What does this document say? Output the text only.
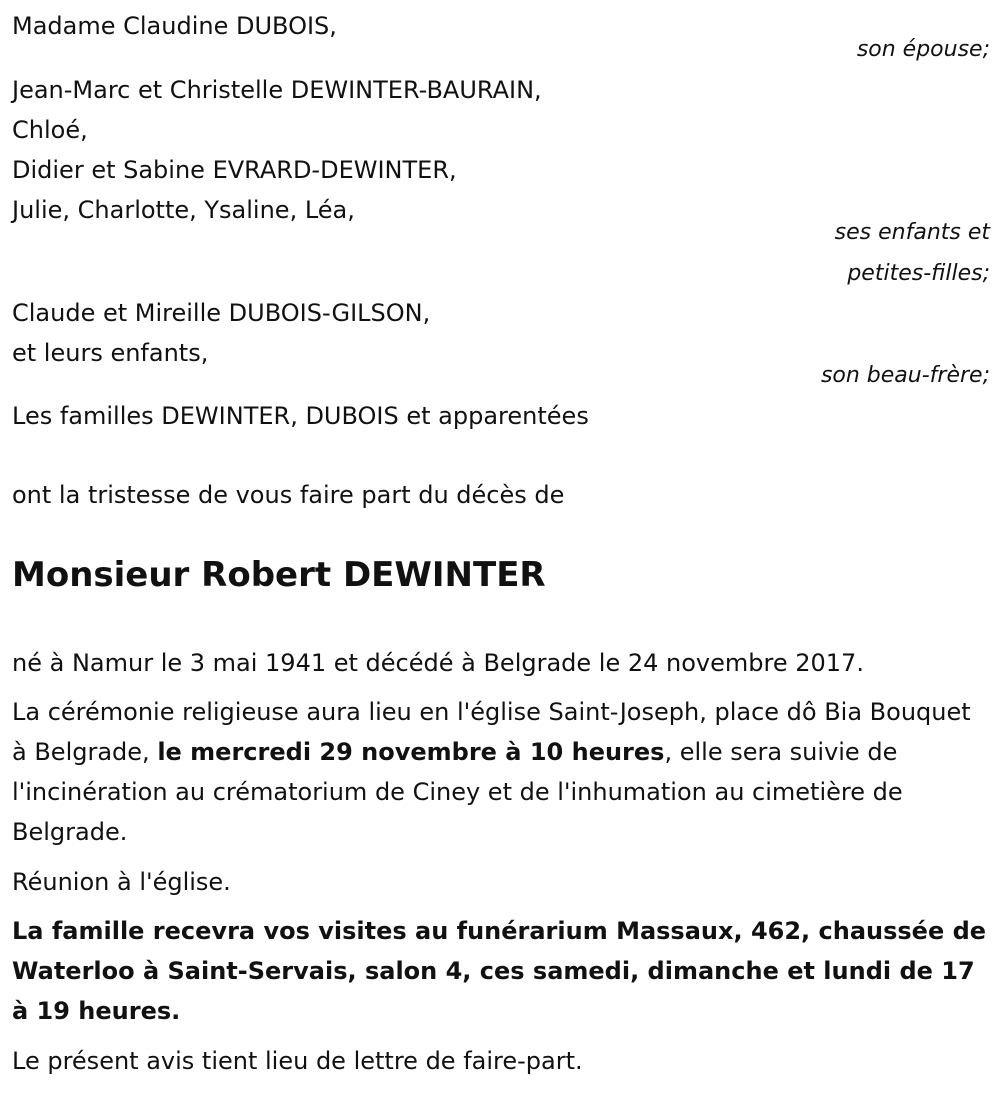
Madame Claudine DUBOIS,

son épouse;

Jean-Marc et Christelle DEWINTER-BAURAIN,

Chloé,

Didier et Sabine EVRARD-DEWINTER,

Julie, Charlotte, Ysaline, Léa,

ses enfants et

petites-filles;

Claude et Mireille DUBOIS-GILSON,

et leurs enfants,

son beau-frère;

Les familles DEWINTER, DUBOIS et apparentées

ont la tristesse de vous faire part du décès de

Monsieur Robert DEWINTER

né à Namur le 3 mai 1941 et décédé à Belgrade le 24 novembre 2017.

La cérémonie religieuse aura lieu en l'église Saint-Joseph, place dô Bia Bouquet à Belgrade, le mercredi 29 novembre à 10 heures, elle sera suivie de l'incinération au crématorium de Ciney et de l'inhumation au cimetière de Belgrade.

Réunion à l'église.

La famille recevra vos visites au funérarium Massaux, 462, chaussée de Waterloo à Saint-Servais, salon 4, ces samedi, dimanche et lundi de 17 à 19 heures.

Le présent avis tient lieu de lettre de faire-part.
